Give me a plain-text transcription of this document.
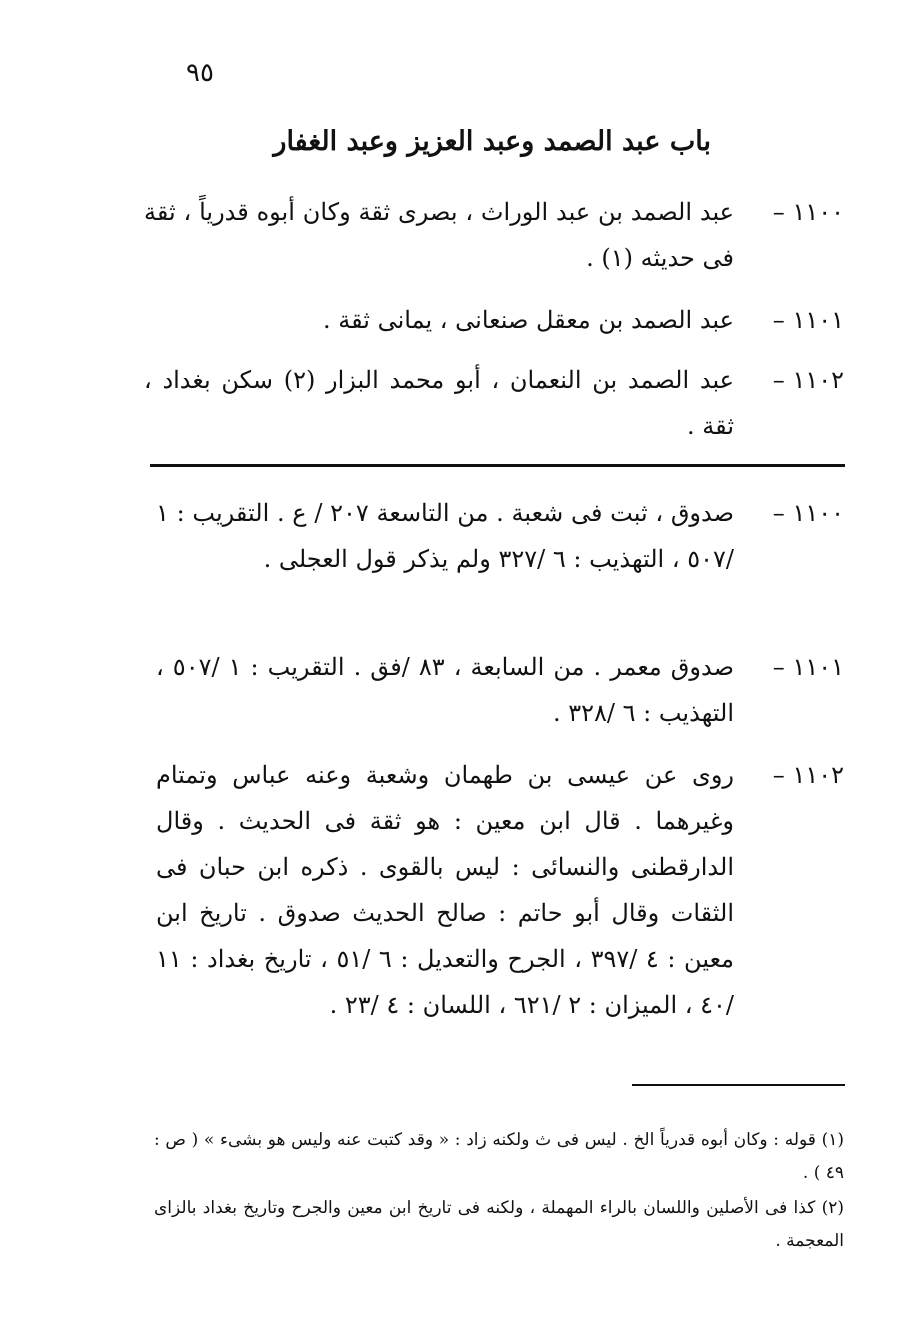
٩٥
باب عبد الصمد وعبد العزيز وعبد الغفار
١١٠٠ –
عبد الصمد بن عبد الوراث ، بصرى ثقة وكان أبوه قدرياً ، ثقة فى حديثه (١) .
١١٠١ –
عبد الصمد بن معقل صنعانى ، يمانى ثقة .
١١٠٢ –
عبد الصمد بن النعمان ، أبو محمد البزار (٢) سكن بغداد ، ثقة .
١١٠٠ –
صدوق ، ثبت فى شعبة . من التاسعة ٢٠٧ / ع . التقريب : ١ /٥٠٧ ، التهذيب : ٦ /٣٢٧ ولم يذكر قول العجلى .
١١٠١ –
صدوق معمر . من السابعة ، ٨٣ /فق . التقريب : ١ /٥٠٧ ، التهذيب : ٦ /٣٢٨ .
١١٠٢ –
روى عن عيسى بن طهمان وشعبة وعنه عباس وتمتام وغيرهما . قال ابن معين : هو ثقة فى الحديث . وقال الدارقطنى والنسائى : ليس بالقوى . ذكره ابن حبان فى الثقات وقال أبو حاتم : صالح الحديث صدوق . تاريخ ابن معين : ٤ /٣٩٧ ، الجرح والتعديل : ٦ /٥١ ، تاريخ بغداد : ١١ /٤٠ ، الميزان : ٢ /٦٢١ ، اللسان : ٤ /٢٣ .
(١) قوله : وكان أبوه قدرياً الخ . ليس فى ث ولكنه زاد : « وقد كتبت عنه وليس هو بشىء » ( ص : ٤٩ ) .
(٢) كذا فى الأصلين واللسان بالراء المهملة ، ولكنه فى تاريخ ابن معين والجرح وتاريخ بغداد بالزاى المعجمة .
